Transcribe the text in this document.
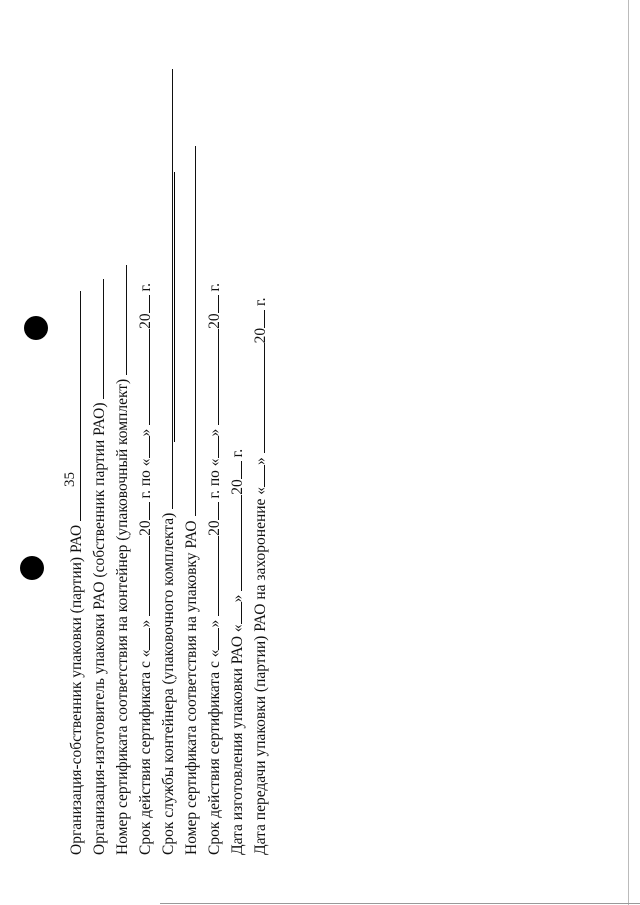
35
Организация-собственник упаковки (партии) РАО Организация-изготовитель упаковки РАО (собственник партии РАО) Номер сертификата соответствия на контейнер (упаковочный комплект) Срок действия сертификата с «» 20 г. по «» 20 г.
Срок службы контейнера (упаковочного комплекта) Номер сертификата соответствия на упаковку РАО Срок действия сертификата с «» 20 г. по «» 20 г.
Дата изготовления упаковки РАО «» 20 г.
Дата передачи упаковки (партии) РАО на захоронение «» 20 г.
